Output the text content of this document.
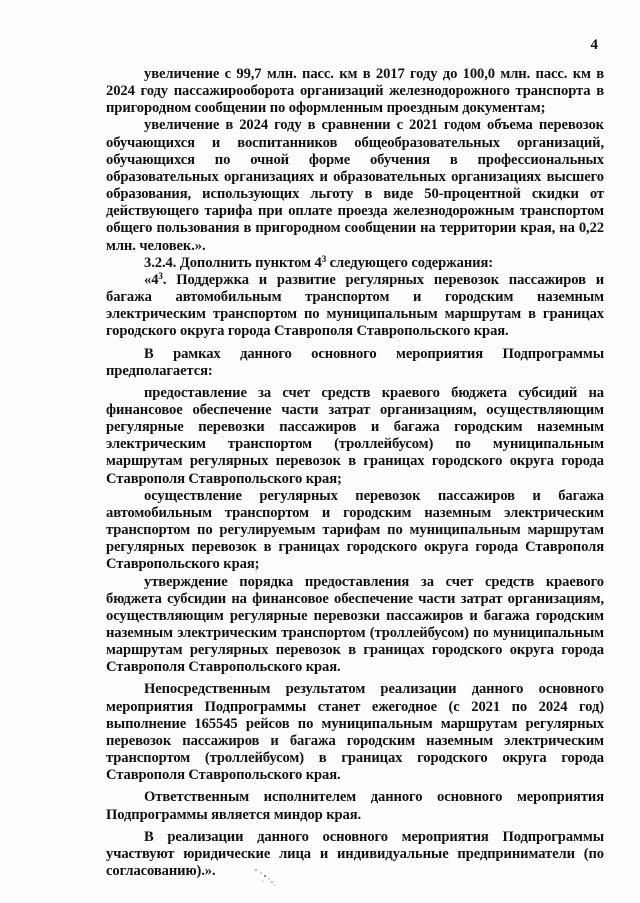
4

увеличение с 99,7 млн. пасс. км в 2017 году до 100,0 млн. пасс. км в 2024 году пассажирооборота организаций железнодорожного транспорта в пригородном сообщении по оформленным проездным документам;

увеличение в 2024 году в сравнении с 2021 годом объема перевозок обучающихся и воспитанников общеобразовательных организаций, обучающихся по очной форме обучения в профессиональных образовательных организациях и образовательных организациях высшего образования, использующих льготу в виде 50-процентной скидки от действующего тарифа при оплате проезда железнодорожным транспортом общего пользования в пригородном сообщении на территории края, на 0,22 млн. человек.».

3.2.4. Дополнить пунктом $4^3$ следующего содержания:

«$4^3$. Поддержка и развитие регулярных перевозок пассажиров и багажа автомобильным транспортом и городским наземным электрическим транспортом по муниципальным маршрутам в границах городского округа города Ставрополя Ставропольского края.

В рамках данного основного мероприятия Подпрограммы предполагается:

предоставление за счет средств краевого бюджета субсидий на финансовое обеспечение части затрат организациям, осуществляющим регулярные перевозки пассажиров и багажа городским наземным электрическим транспортом (троллейбусом) по муниципальным маршрутам регулярных перевозок в границах городского округа города Ставрополя Ставропольского края;

осуществление регулярных перевозок пассажиров и багажа автомобильным транспортом и городским наземным электрическим транспортом по регулируемым тарифам по муниципальным маршрутам регулярных перевозок в границах городского округа города Ставрополя Ставропольского края;

утверждение порядка предоставления за счет средств краевого бюджета субсидии на финансовое обеспечение части затрат организациям, осуществляющим регулярные перевозки пассажиров и багажа городским наземным электрическим транспортом (троллейбусом) по муниципальным маршрутам регулярных перевозок в границах городского округа города Ставрополя Ставропольского края.

Непосредственным результатом реализации данного основного мероприятия Подпрограммы станет ежегодное (с 2021 по 2024 год) выполнение 165545 рейсов по муниципальным маршрутам регулярных перевозок пассажиров и багажа городским наземным электрическим транспортом (троллейбусом) в границах городского округа города Ставрополя Ставропольского края.

Ответственным исполнителем данного основного мероприятия Подпрограммы является миндор края.

В реализации данного основного мероприятия Подпрограммы участвуют юридические лица и индивидуальные предприниматели (по согласованию).».
